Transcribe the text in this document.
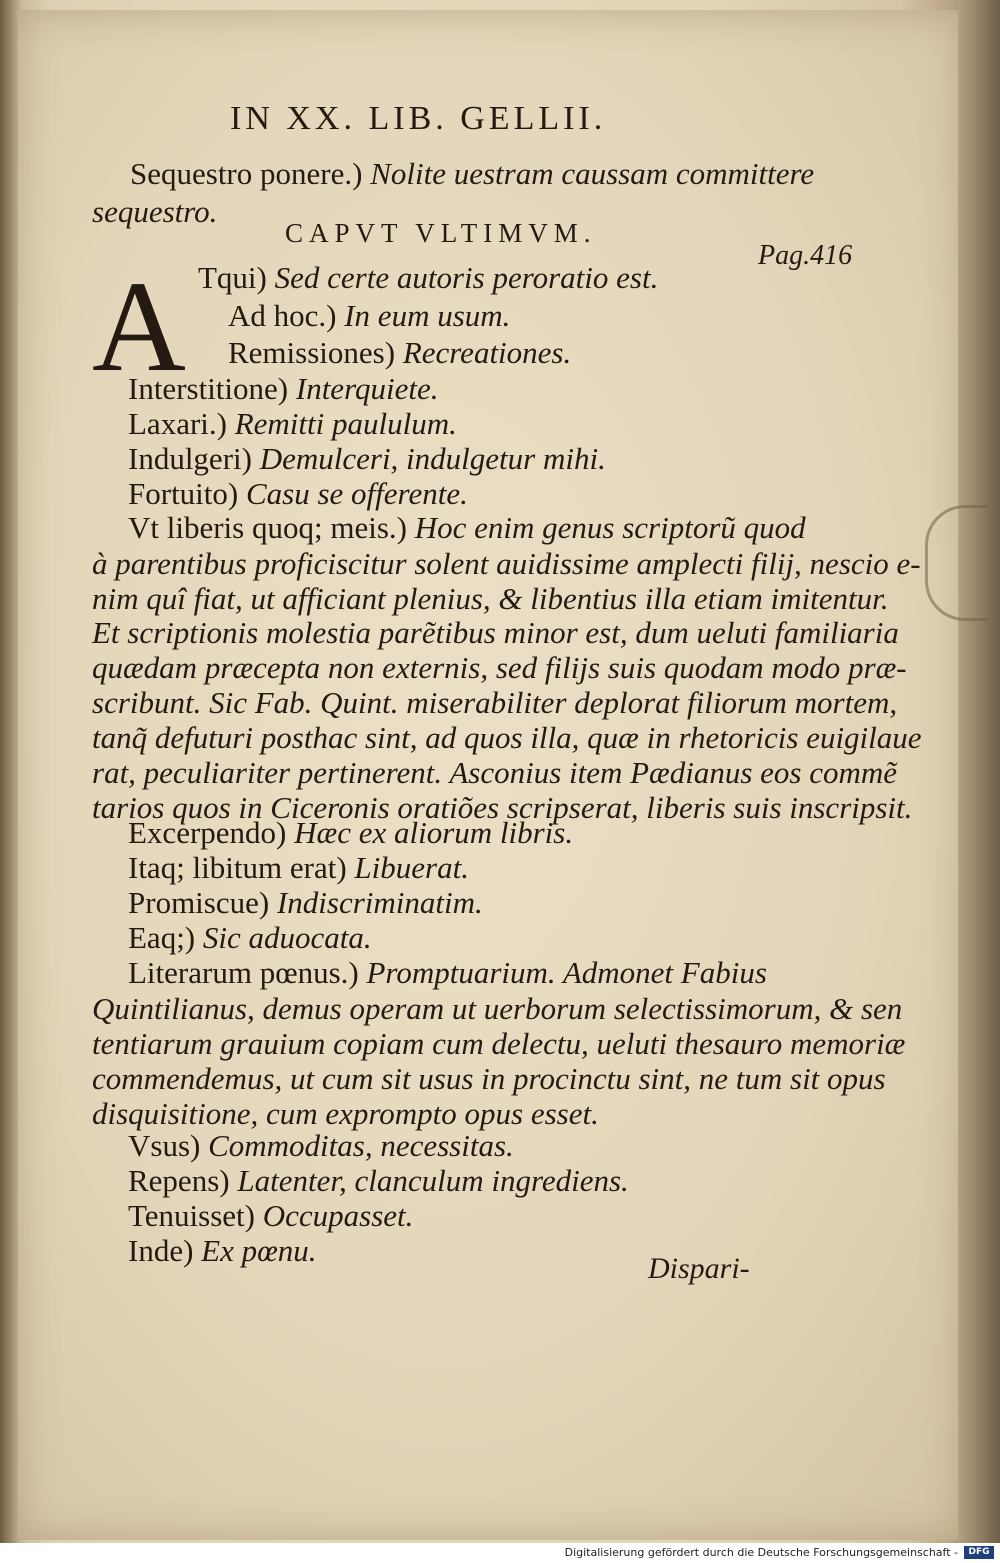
IN XX. LIB. GELLII.
CAPVT VLTIMVM.
Pag.416
A
Sequestro ponere.) Nolite uestram caussam committere
sequestro.
Tqui) Sed certe autoris peroratio est.
Ad hoc.) In eum usum.
Remissiones) Recreationes.
Interstitione) Interquiete.
Laxari.) Remitti paululum.
Indulgeri) Demulceri, indulgetur mihi.
Fortuito) Casu se offerente.
Vt liberis quoq; meis.) Hoc enim genus scriptorũ quod
à parentibus proficiscitur solent auidissime amplecti filij, nescio e-
nim quî fiat, ut afficiant plenius, & libentius illa etiam imitentur.
Et scriptionis molestia parẽtibus minor est, dum ueluti familiaria
quædam præcepta non externis, sed filijs suis quodam modo præ-
scribunt. Sic Fab. Quint. miserabiliter deplorat filiorum mortem,
tanq̃ defuturi posthac sint, ad quos illa, quæ in rhetoricis euigilaue
rat, peculiariter pertinerent. Asconius item Pædianus eos commẽ
tarios quos in Ciceronis oratiões scripserat, liberis suis inscripsit.
Excerpendo) Hæc ex aliorum libris.
Itaq; libitum erat) Libuerat.
Promiscue) Indiscriminatim.
Eaq;) Sic aduocata.
Literarum pœnus.) Promptuarium. Admonet Fabius
Quintilianus, demus operam ut uerborum selectissimorum, & sen
tentiarum grauium copiam cum delectu, ueluti thesauro memoriæ
commendemus, ut cum sit usus in procinctu sint, ne tum sit opus
disquisitione, cum exprompto opus esset.
Vsus) Commoditas, necessitas.
Repens) Latenter, clanculum ingrediens.
Tenuisset) Occupasset.
Inde) Ex pœnu.
Dispari-
Digitalisierung gefördert durch die Deutsche Forschungsgemeinschaft -	DFG
